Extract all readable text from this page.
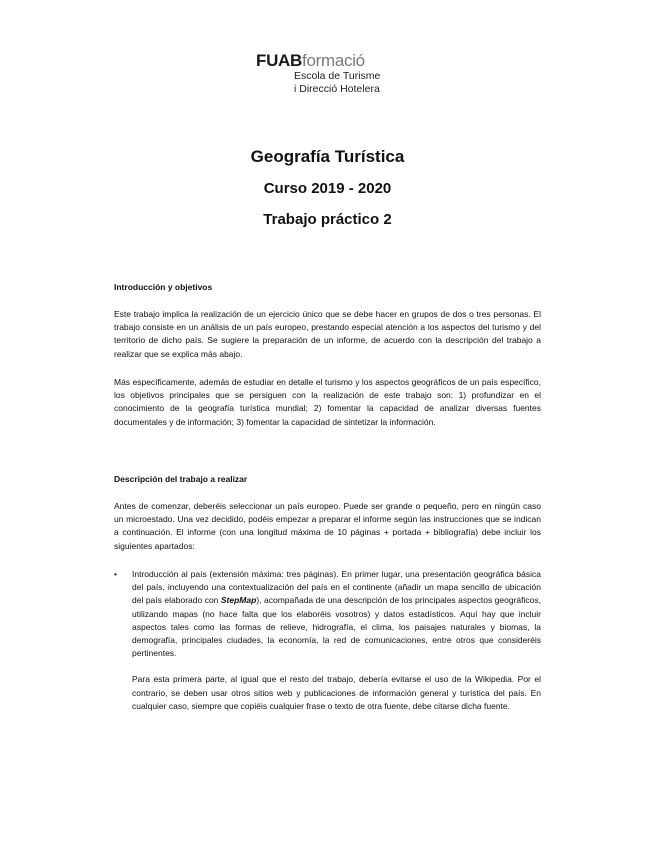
FUABformació
Escola de Turisme
i Direcció Hotelera
Geografía Turística
Curso 2019 - 2020
Trabajo práctico 2
Introducción y objetivos

Este trabajo implica la realización de un ejercicio único que se debe hacer en grupos de dos o tres personas. El trabajo consiste en un análisis de un país europeo, prestando especial atención a los aspectos del turismo y del territorio de dicho país. Se sugiere la preparación de un informe, de acuerdo con la descripción del trabajo a realizar que se explica más abajo.

Más específicamente, además de estudiar en detalle el turismo y los aspectos geográficos de un país específico, los objetivos principales que se persiguen con la realización de este trabajo son: 1) profundizar en el conocimiento de la geografía turística mundial; 2) fomentar la capacidad de analizar diversas fuentes documentales y de información; 3) fomentar la capacidad de sintetizar la información.

Descripción del trabajo a realizar

Antes de comenzar, deberéis seleccionar un país europeo. Puede ser grande o pequeño, pero en ningún caso un microestado. Una vez decidido, podéis empezar a preparar el informe según las instrucciones que se indican a continuación. El informe (con una longitud máxima de 10 páginas + portada + bibliografía) debe incluir los siguientes apartados:

• Introducción al país (extensión máxima: tres páginas). En primer lugar, una presentación geográfica básica del país, incluyendo una contextualización del país en el continente (añadir un mapa sencillo de ubicación del país elaborado con StepMap), acompañada de una descripción de los principales aspectos geográficos, utilizando mapas (no hace falta que los elaboréis vosotros) y datos estadísticos. Aquí hay que incluir aspectos tales como las formas de relieve, hidrografía, el clima, los paisajes naturales y biomas, la demografía, principales ciudades, la economía, la red de comunicaciones, entre otros que consideréis pertinentes.

Para esta primera parte, al igual que el resto del trabajo, debería evitarse el uso de la Wikipedia. Por el contrario, se deben usar otros sitios web y publicaciones de información general y turística del país. En cualquier caso, siempre que copiéis cualquier frase o texto de otra fuente, debe citarse dicha fuente.
